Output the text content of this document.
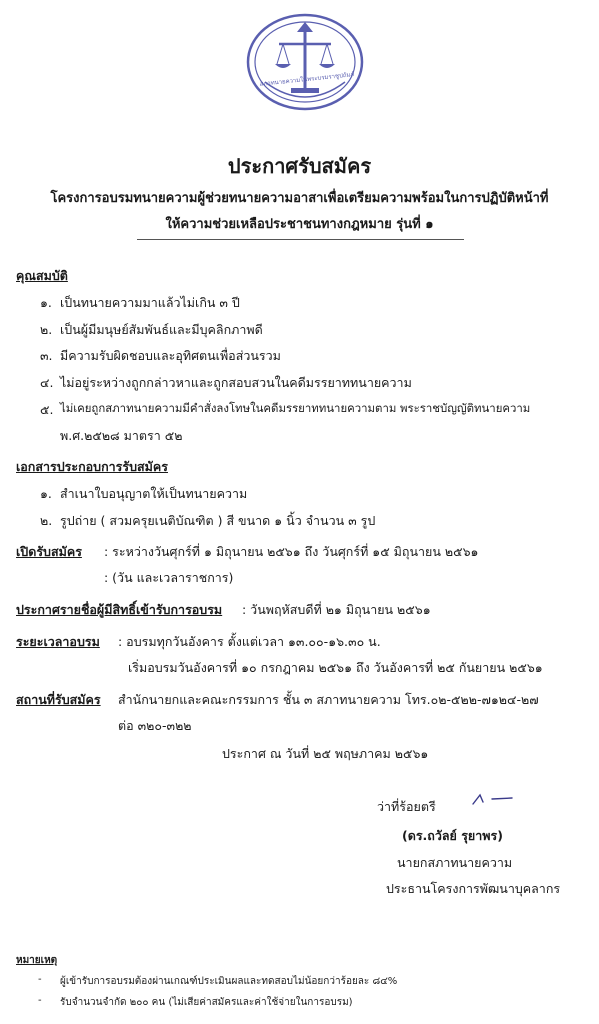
สภาทนายความในพระบรมราชูปถัมภ์
ประกาศรับสมัคร
โครงการอบรมทนายความผู้ช่วยทนายความอาสาเพื่อเตรียมความพร้อมในการปฏิบัติหน้าที่
ให้ความช่วยเหลือประชาชนทางกฎหมาย รุ่นที่ ๑
คุณสมบัติ
๑. เป็นทนายความมาแล้วไม่เกิน ๓ ปี
๒. เป็นผู้มีมนุษย์สัมพันธ์และมีบุคลิกภาพดี
๓. มีความรับผิดชอบและอุทิศตนเพื่อส่วนรวม
๔. ไม่อยู่ระหว่างถูกกล่าวหาและถูกสอบสวนในคดีมรรยาททนายความ
๕. ไม่เคยถูกสภาทนายความมีคำสั่งลงโทษในคดีมรรยาททนายความตาม พระราชบัญญัติทนายความ
พ.ศ.๒๕๒๘ มาตรา ๕๒
เอกสารประกอบการรับสมัคร
๑. สำเนาใบอนุญาตให้เป็นทนายความ
๒. รูปถ่าย ( สวมครุยเนติบัณฑิต ) สี ขนาด ๑ นิ้ว จำนวน ๓ รูป
เปิดรับสมัคร : ระหว่างวันศุกร์ที่ ๑ มิถุนายน ๒๕๖๑ ถึง วันศุกร์ที่ ๑๕ มิถุนายน ๒๕๖๑
: (วัน และเวลาราชการ)
ประกาศรายชื่อผู้มีสิทธิ์เข้ารับการอบรม : วันพฤหัสบดีที่ ๒๑ มิถุนายน ๒๕๖๑
ระยะเวลาอบรม : อบรมทุกวันอังคาร ตั้งแต่เวลา ๑๓.๐๐-๑๖.๓๐ น.
เริ่มอบรมวันอังคารที่ ๑๐ กรกฎาคม ๒๕๖๑ ถึง วันอังคารที่ ๒๕ กันยายน ๒๕๖๑
สถานที่รับสมัคร สำนักนายกและคณะกรรมการ ชั้น ๓ สภาทนายความ โทร.๐๒-๕๒๒-๗๑๒๔-๒๗
ต่อ ๓๒๐-๓๒๒
ประกาศ ณ วันที่ ๒๕ พฤษภาคม ๒๕๖๑
ว่าที่ร้อยตรี
(ดร.ถวัลย์ รุยาพร)
นายกสภาทนายความ
ประธานโครงการพัฒนาบุคลากร
หมายเหตุ
- ผู้เข้ารับการอบรมต้องผ่านเกณฑ์ประเมินผลและทดสอบไม่น้อยกว่าร้อยละ ๘๔%
- รับจำนวนจำกัด ๒๐๐ คน (ไม่เสียค่าสมัครและค่าใช้จ่ายในการอบรม)
